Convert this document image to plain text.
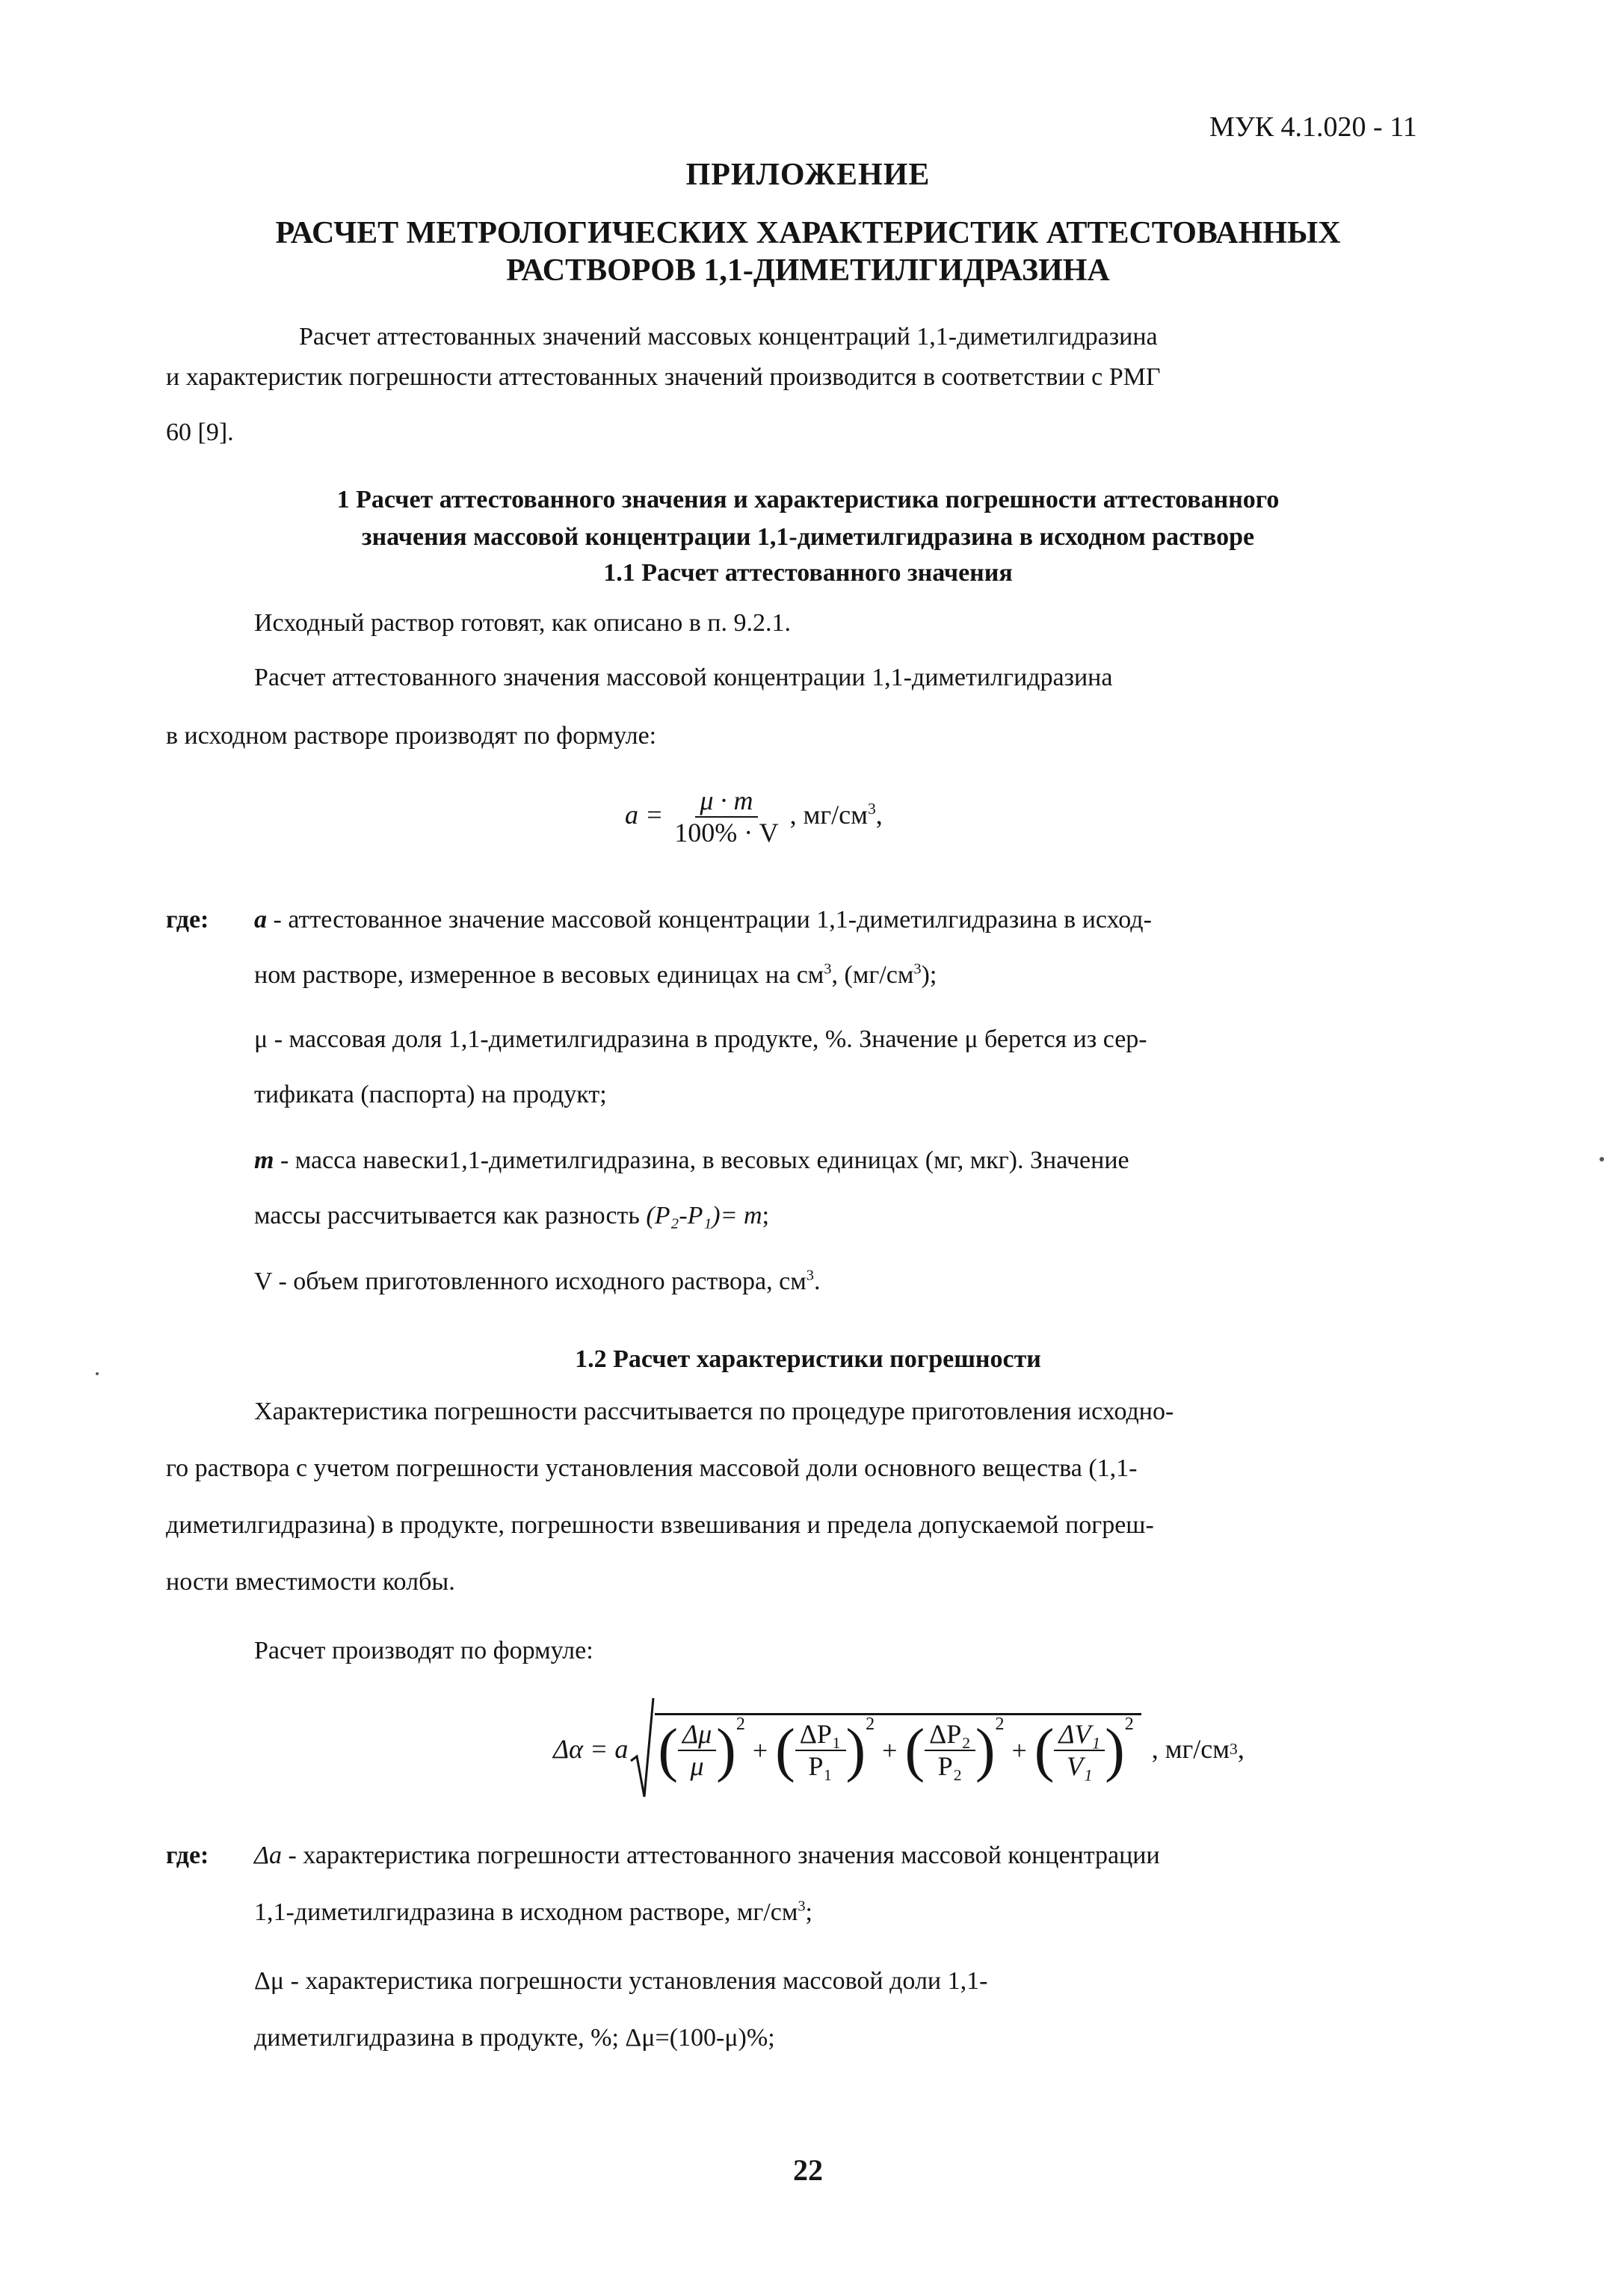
МУК 4.1.020 - 11
ПРИЛОЖЕНИЕ
РАСЧЕТ МЕТРОЛОГИЧЕСКИХ ХАРАКТЕРИСТИК АТТЕСТОВАННЫХ
РАСТВОРОВ 1,1-ДИМЕТИЛГИДРАЗИНА
Расчет аттестованных значений массовых концентраций 1,1-диметилгидразина
и характеристик погрешности аттестованных значений производится в соответствии с РМГ
60 [9].
1 Расчет аттестованного значения и характеристика погрешности аттестованного
значения массовой концентрации 1,1-диметилгидразина в исходном растворе
1.1 Расчет аттестованного значения
Исходный раствор готовят, как описано в п. 9.2.1.
Расчет аттестованного значения массовой концентрации 1,1-диметилгидразина
в исходном растворе производят по формуле:
$a = \frac{\mu \cdot m}{100\% \cdot V}$ , $мг/см^3$,
где: a - аттестованное значение массовой концентрации 1,1-диметилгидразина в исход-
ном растворе, измеренное в весовых единицах на $см^3$, $(мг/см^3)$;
μ - массовая доля 1,1-диметилгидразина в продукте, %. Значение μ берется из сер-
тификата (паспорта) на продукт;
m - масса навески1,1-диметилгидразина, в весовых единицах (мг, мкг). Значение
массы рассчитывается как разность (P₂-P₁)= m;
V - объем приготовленного исходного раствора, $см^3$.
1.2 Расчет характеристики погрешности
Характеристика погрешности рассчитывается по процедуре приготовления исходно-
го раствора с учетом погрешности установления массовой доли основного вещества (1,1-
диметилгидразина) в продукте, погрешности взвешивания и предела допускаемой погреш-
ности вместимости колбы.
Расчет производят по формуле:
Δα = a ( $\frac{\Delta\mu}{\mu}$ ) 2
+ ( $\frac{\text{ΔP₁}}{\text{P₁}}$ ) 2
+ ( $\frac{\text{ΔP₂}}{\text{P₂}}$ ) 2
+ ( $\frac{\text{ΔV₁}}{\text{V₁}}$ ) 2
, мг/см 3 ,
где: Δa - характеристика погрешности аттестованного значения массовой концентрации
1,1-диметилгидразина в исходном растворе, $мг/см^3$;
Δμ - характеристика погрешности установления массовой доли 1,1-
диметилгидразина в продукте, %; Δμ=(100-μ)%;
22
